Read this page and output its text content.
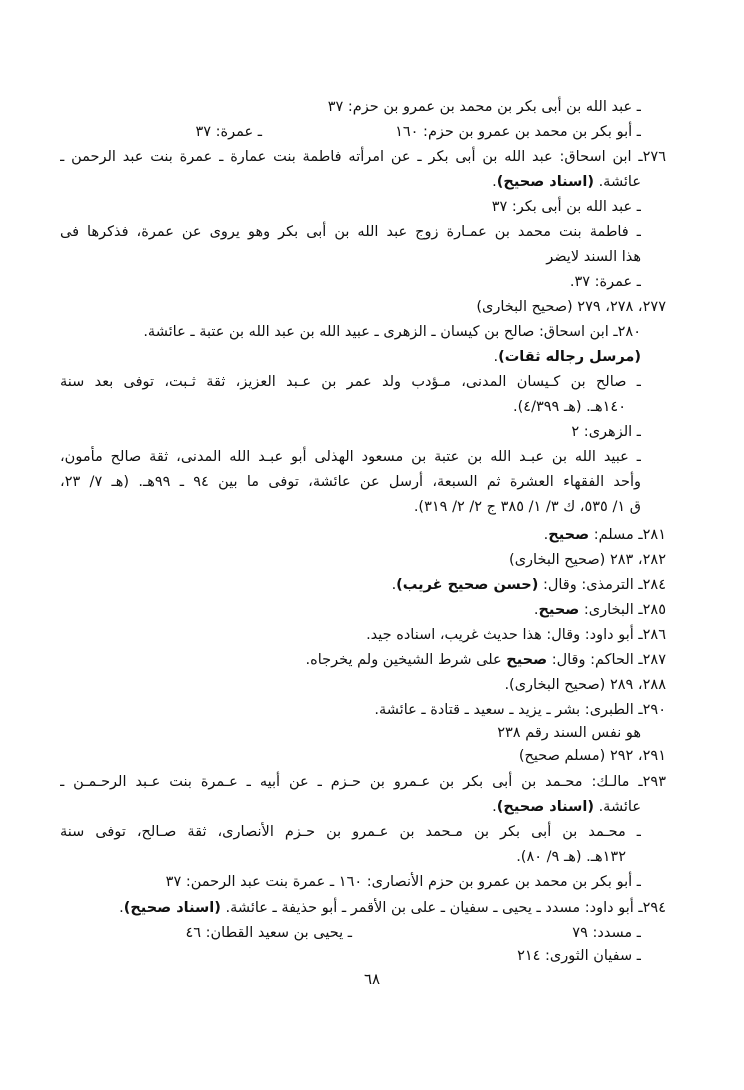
ـ عبد الله بن أبى بكر بن محمد بن عمرو بن حزم: ٣٧
ـ أبو بكر بن محمد بن عمرو بن حزم: ١٦٠
ـ عمرة: ٣٧
٢٧٦ـ ابن اسحاق: عبد الله بن أبى بكر ـ عن امرأته فاطمة بنت عمارة ـ عمرة بنت عبد الرحمن ـ
عائشة. (اسناد صحيح).
ـ عبد الله بن أبى بكر: ٣٧
ـ فاطمة بنت محمد بن عمـارة زوج عبد الله بن أبى بكر وهو يروى عن عمرة، فذكرها فى
هذا السند لايضر
ـ عمرة: ٣٧.
٢٧٧، ٢٧٨، ٢٧٩ (صحيح البخارى)
٢٨٠ـ ابن اسحاق: صالح بن كيسان ـ الزهرى ـ عبيد الله بن عبد الله بن عتبة ـ عائشة.
(مرسل رجاله ثقات).
ـ صالح بن كـيسان المدنى، مـؤدب ولد عمر بن عـبد العزيز، ثقة ثـبت، توفى بعد سنة
١٤٠هـ. (هـ ٤/٣٩٩).
ـ الزهرى: ٢
ـ عبيد الله بن عبـد الله بن عتبة بن مسعود الهذلى أبو عبـد الله المدنى، ثقة صالح مأمون،
وأحد الفقهاء العشرة ثم السبعة، أرسل عن عائشة، توفى ما بين ٩٤ ـ ٩٩هـ. (هـ ٧/ ٢٣،
ق ١/ ٥٣٥، ك ٣/ ١/ ٣٨٥ ج ٢/ ٢/ ٣١٩).
٢٨١ـ مسلم: صحيح.
٢٨٢، ٢٨٣ (صحيح البخارى)
٢٨٤ـ الترمذى: وقال: (حسن صحيح غريب).
٢٨٥ـ البخارى: صحيح.
٢٨٦ـ أبو داود: وقال: هذا حديث غريب، اسناده جيد.
٢٨٧ـ الحاكم: وقال: صحيح على شرط الشيخين ولم يخرجاه.
٢٨٨، ٢٨٩ (صحيح البخارى).
٢٩٠ـ الطبرى: بشر ـ يزيد ـ سعيد ـ قتادة ـ عائشة.
هو نفس السند رقم ٢٣٨
٢٩١، ٢٩٢ (مسلم صحيح)
٢٩٣ـ مالـك: محـمد بن أبى بكر بن عـمرو بن حـزم ـ عن أبيه ـ عـمرة بنت عـبد الرحـمـن ـ
عائشة. (اسناد صحيح).
ـ محـمد بن أبى بكر بن مـحمد بن عـمرو بن حـزم الأنصارى، ثقة صـالح، توفى سنة
١٣٢هـ. (هـ ٩/ ٨٠).
ـ أبو بكر بن محمد بن عمرو بن حزم الأنصارى: ١٦٠ ـ عمرة بنت عبد الرحمن: ٣٧
٢٩٤ـ أبو داود: مسدد ـ يحيى ـ سفيان ـ على بن الأقمر ـ أبو حذيفة ـ عائشة. (اسناد صحيح).
ـ مسدد: ٧٩
ـ يحيى بن سعيد القطان: ٤٦
ـ سفيان الثورى: ٢١٤
٦٨
